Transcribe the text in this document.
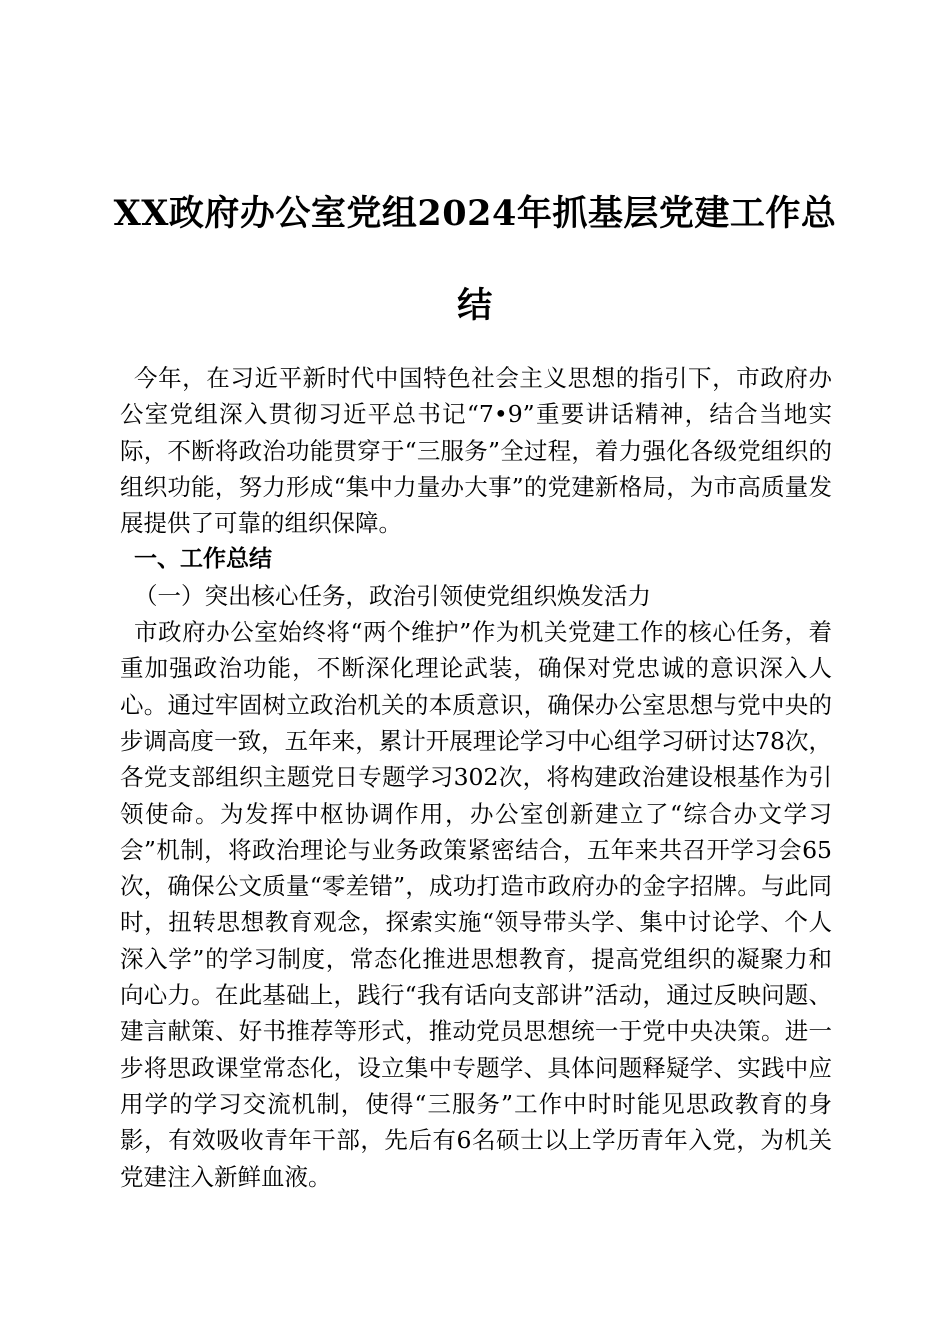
XX政府办公室党组2024年抓基层党建工作总结

今年，在习近平新时代中国特色社会主义思想的指引下，市政府办公室党组深入贯彻习近平总书记“7•9”重要讲话精神，结合当地实际，不断将政治功能贯穿于“三服务”全过程，着力强化各级党组织的组织功能，努力形成“集中力量办大事”的党建新格局，为市高质量发展提供了可靠的组织保障。

一、工作总结

（一）突出核心任务，政治引领使党组织焕发活力

市政府办公室始终将“两个维护”作为机关党建工作的核心任务，着重加强政治功能，不断深化理论武装，确保对党忠诚的意识深入人心。通过牢固树立政治机关的本质意识，确保办公室思想与党中央的步调高度一致，五年来，累计开展理论学习中心组学习研讨达78次，各党支部组织主题党日专题学习302次，将构建政治建设根基作为引领使命。为发挥中枢协调作用，办公室创新建立了“综合办文学习会”机制，将政治理论与业务政策紧密结合，五年来共召开学习会65次，确保公文质量“零差错”，成功打造市政府办的金字招牌。与此同时，扭转思想教育观念，探索实施“领导带头学、集中讨论学、个人深入学”的学习制度，常态化推进思想教育，提高党组织的凝聚力和向心力。在此基础上，践行“我有话向支部讲”活动，通过反映问题、建言献策、好书推荐等形式，推动党员思想统一于党中央决策。进一步将思政课堂常态化，设立集中专题学、具体问题释疑学、实践中应用学的学习交流机制，使得“三服务”工作中时时能见思政教育的身影，有效吸收青年干部，先后有6名硕士以上学历青年入党，为机关党建注入新鲜血液。
